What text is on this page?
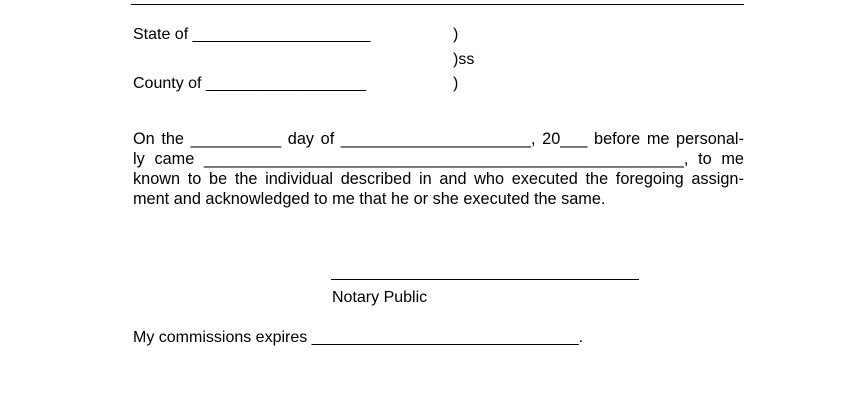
State of ____________________
County of __________________
)
)ss
)
On the __________ day of _____________________, 20___ before me personal-
ly came _____________________________________________________, to me
known to be the individual described in and who executed the foregoing assign-
ment and acknowledged to me that he or she executed the same.
Notary Public
My commissions expires ______________________________.
